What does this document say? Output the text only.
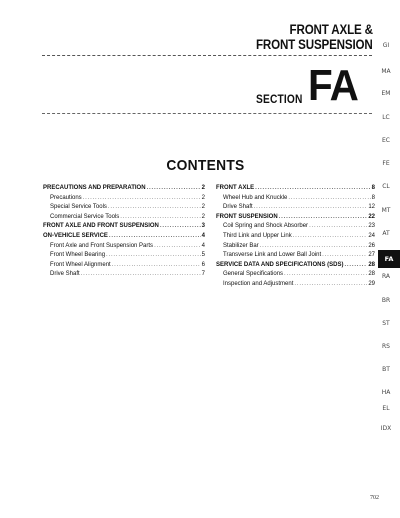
FRONT AXLE &
FRONT SUSPENSION
SECTION FA
CONTENTS
PRECAUTIONS AND PREPARATION .....	2
Precautions .....	2
Special Service Tools .....	2
Commercial Service Tools .....	2
FRONT AXLE AND FRONT SUSPENSION .....	3
ON-VEHICLE SERVICE .....	4
Front Axle and Front Suspension Parts .....	4
Front Wheel Bearing .....	5
Front Wheel Alignment .....	6
Drive Shaft .....	7
FRONT AXLE .....	8
Wheel Hub and Knuckle .....	8
Drive Shaft .....	12
FRONT SUSPENSION .....	22
Coil Spring and Shock Absorber .....	23
Third Link and Upper Link .....	24
Stabilizer Bar .....	26
Transverse Link and Lower Ball Joint .....	27
SERVICE DATA AND SPECIFICATIONS (SDS) .....	28
General Specifications .....	28
Inspection and Adjustment .....	29
GI
MA
EM
LC
EC
FE
CL
MT
AT
FA
RA
BR
ST
RS
BT
HA
EL
IDX
702
